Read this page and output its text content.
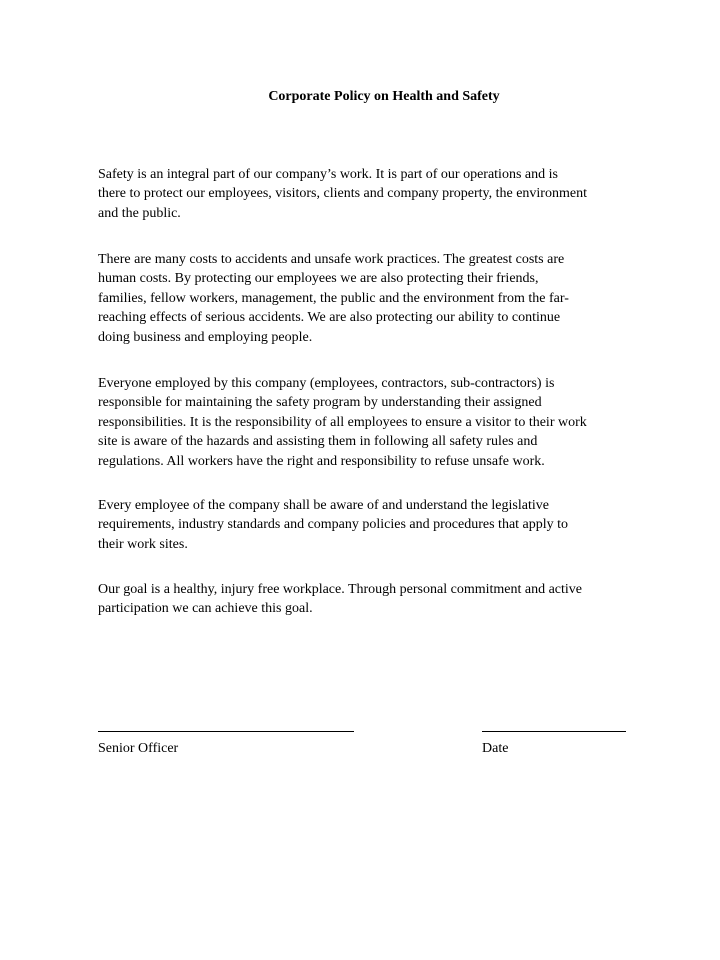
Corporate Policy on Health and Safety

Safety is an integral part of our company’s work. It is part of our operations and is
there to protect our employees, visitors, clients and company property, the environment
and the public.

There are many costs to accidents and unsafe work practices. The greatest costs are
human costs. By protecting our employees we are also protecting their friends,
families, fellow workers, management, the public and the environment from the far-
reaching effects of serious accidents. We are also protecting our ability to continue
doing business and employing people.

Everyone employed by this company (employees, contractors, sub-contractors) is
responsible for maintaining the safety program by understanding their assigned
responsibilities. It is the responsibility of all employees to ensure a visitor to their work
site is aware of the hazards and assisting them in following all safety rules and
regulations. All workers have the right and responsibility to refuse unsafe work.

Every employee of the company shall be aware of and understand the legislative
requirements, industry standards and company policies and procedures that apply to
their work sites.

Our goal is a healthy, injury free workplace. Through personal commitment and active
participation we can achieve this goal.

Senior Officer	Date
